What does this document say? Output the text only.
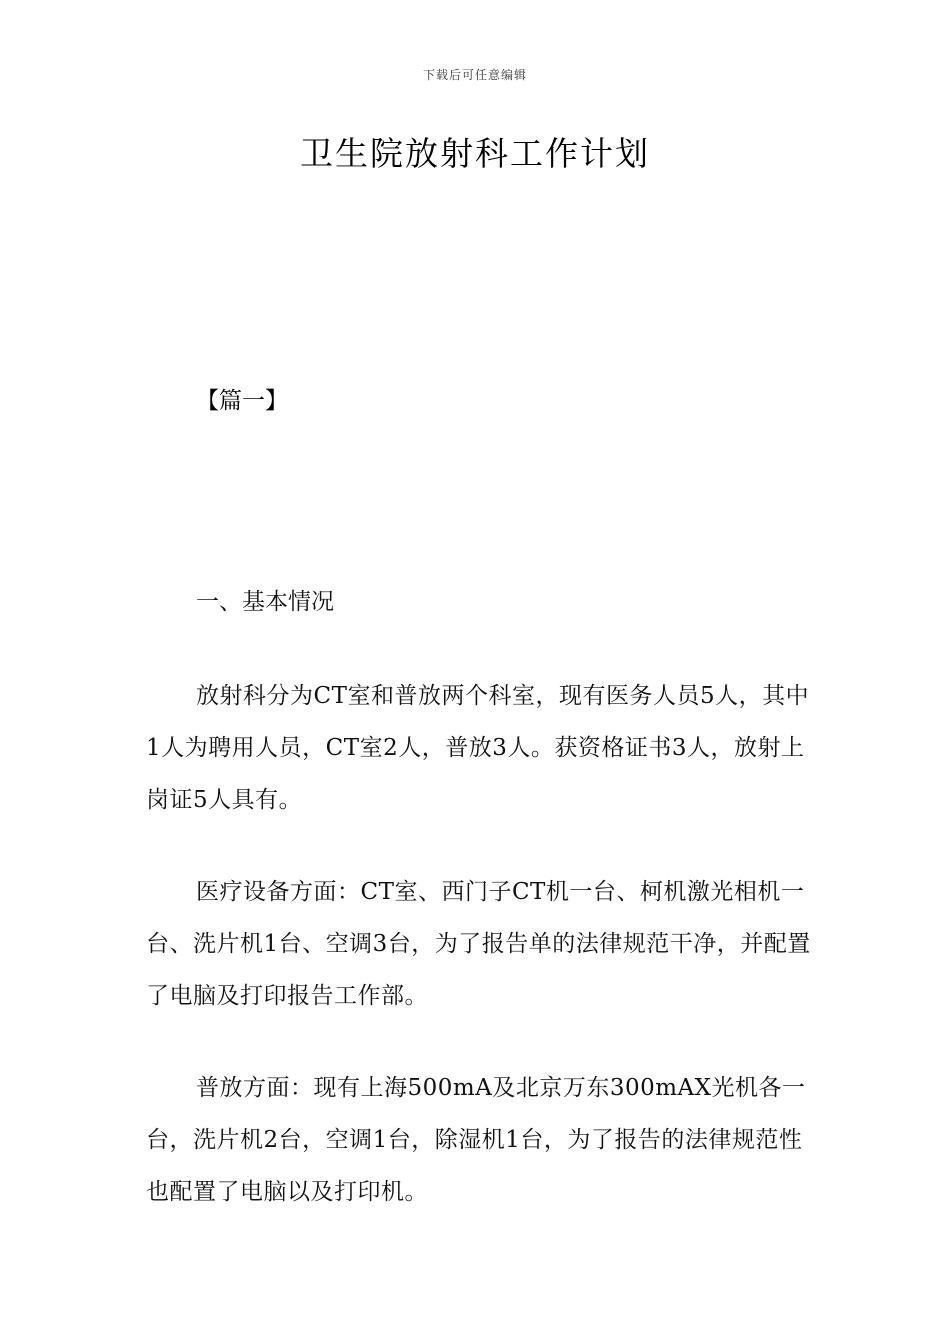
下载后可任意编辑
卫生院放射科工作计划
【篇一】

一、基本情况

放射科分为CT室和普放两个科室，现有医务人员5人，其中1人为聘用人员，CT室2人，普放3人。获资格证书3人，放射上岗证5人具有。

医疗设备方面：CT室、西门子CT机一台、柯机激光相机一台、洗片机1台、空调3台，为了报告单的法律规范干净，并配置了电脑及打印报告工作部。

普放方面：现有上海500mA及北京万东300mAX光机各一台，洗片机2台，空调1台，除湿机1台，为了报告的法律规范性也配置了电脑以及打印机。
